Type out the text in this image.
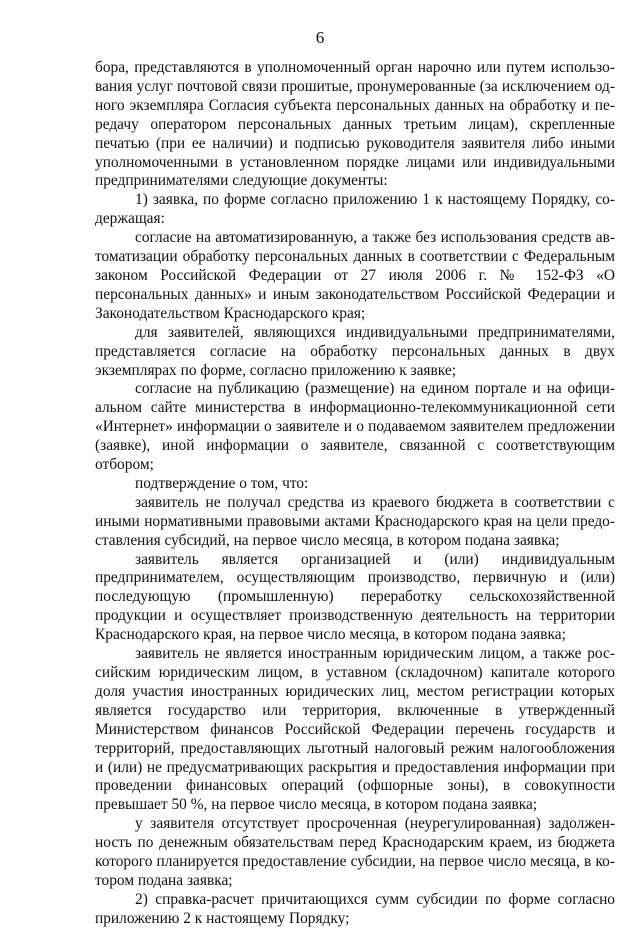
6

бора, представляются в уполномоченный орган нарочно или путем использования услуг почтовой связи прошитые, пронумерованные (за исключением одного экземпляра Согласия субъекта персональных данных на обработку и передачу оператором персональных данных третьим лицам), скрепленные печатью (при ее наличии) и подписью руководителя заявителя либо иными уполномоченными в установленном порядке лицами или индивидуальными предпринимателями следующие документы:

1) заявка, по форме согласно приложению 1 к настоящему Порядку, содержащая:

согласие на автоматизированную, а также без использования средств автоматизации обработку персональных данных в соответствии с Федеральным законом Российской Федерации от 27 июля 2006 г. № 152-ФЗ «О персональных данных» и иным законодательством Российской Федерации и Законодательством Краснодарского края;

для заявителей, являющихся индивидуальными предпринимателями, представляется согласие на обработку персональных данных в двух экземплярах по форме, согласно приложению к заявке;

согласие на публикацию (размещение) на едином портале и на официальном сайте министерства в информационно-телекоммуникационной сети «Интернет» информации о заявителе и о подаваемом заявителем предложении (заявке), иной информации о заявителе, связанной с соответствующим отбором;

подтверждение о том, что:

заявитель не получал средства из краевого бюджета в соответствии с иными нормативными правовыми актами Краснодарского края на цели предоставления субсидий, на первое число месяца, в котором подана заявка;

заявитель является организацией и (или) индивидуальным предпринимателем, осуществляющим производство, первичную и (или) последующую (промышленную) переработку сельскохозяйственной продукции и осуществляет производственную деятельность на территории Краснодарского края, на первое число месяца, в котором подана заявка;

заявитель не является иностранным юридическим лицом, а также российским юридическим лицом, в уставном (складочном) капитале которого доля участия иностранных юридических лиц, местом регистрации которых является государство или территория, включенные в утвержденный Министерством финансов Российской Федерации перечень государств и территорий, предоставляющих льготный налоговый режим налогообложения и (или) не предусматривающих раскрытия и предоставления информации при проведении финансовых операций (офшорные зоны), в совокупности превышает 50 %, на первое число месяца, в котором подана заявка;

у заявителя отсутствует просроченная (неурегулированная) задолженность по денежным обязательствам перед Краснодарским краем, из бюджета которого планируется предоставление субсидии, на первое число месяца, в котором подана заявка;

2) справка-расчет причитающихся сумм субсидии по форме согласно приложению 2 к настоящему Порядку;
